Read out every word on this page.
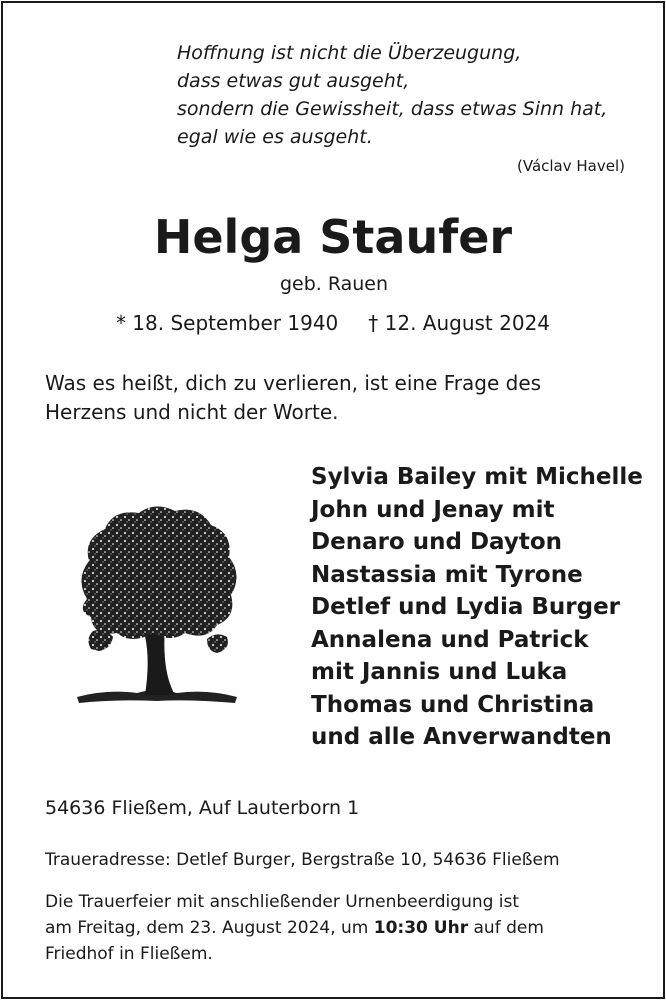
Hoffnung ist nicht die Überzeugung,
dass etwas gut ausgeht,
sondern die Gewissheit, dass etwas Sinn hat,
egal wie es ausgeht.
(Václav Havel)
Helga Staufer
geb. Rauen
* 18. September 1940 † 12. August 2024
Was es heißt, dich zu verlieren, ist eine Frage des
Herzens und nicht der Worte.
Sylvia Bailey mit Michelle
John und Jenay mit
Denaro und Dayton
Nastassia mit Tyrone
Detlef und Lydia Burger
Annalena und Patrick
mit Jannis und Luka
Thomas und Christina
und alle Anverwandten
54636 Fließem, Auf Lauterborn 1
Traueradresse: Detlef Burger, Bergstraße 10, 54636 Fließem
Die Trauerfeier mit anschließender Urnenbeerdigung ist
am Freitag, dem 23. August 2024, um 10:30 Uhr auf dem
Friedhof in Fließem.
